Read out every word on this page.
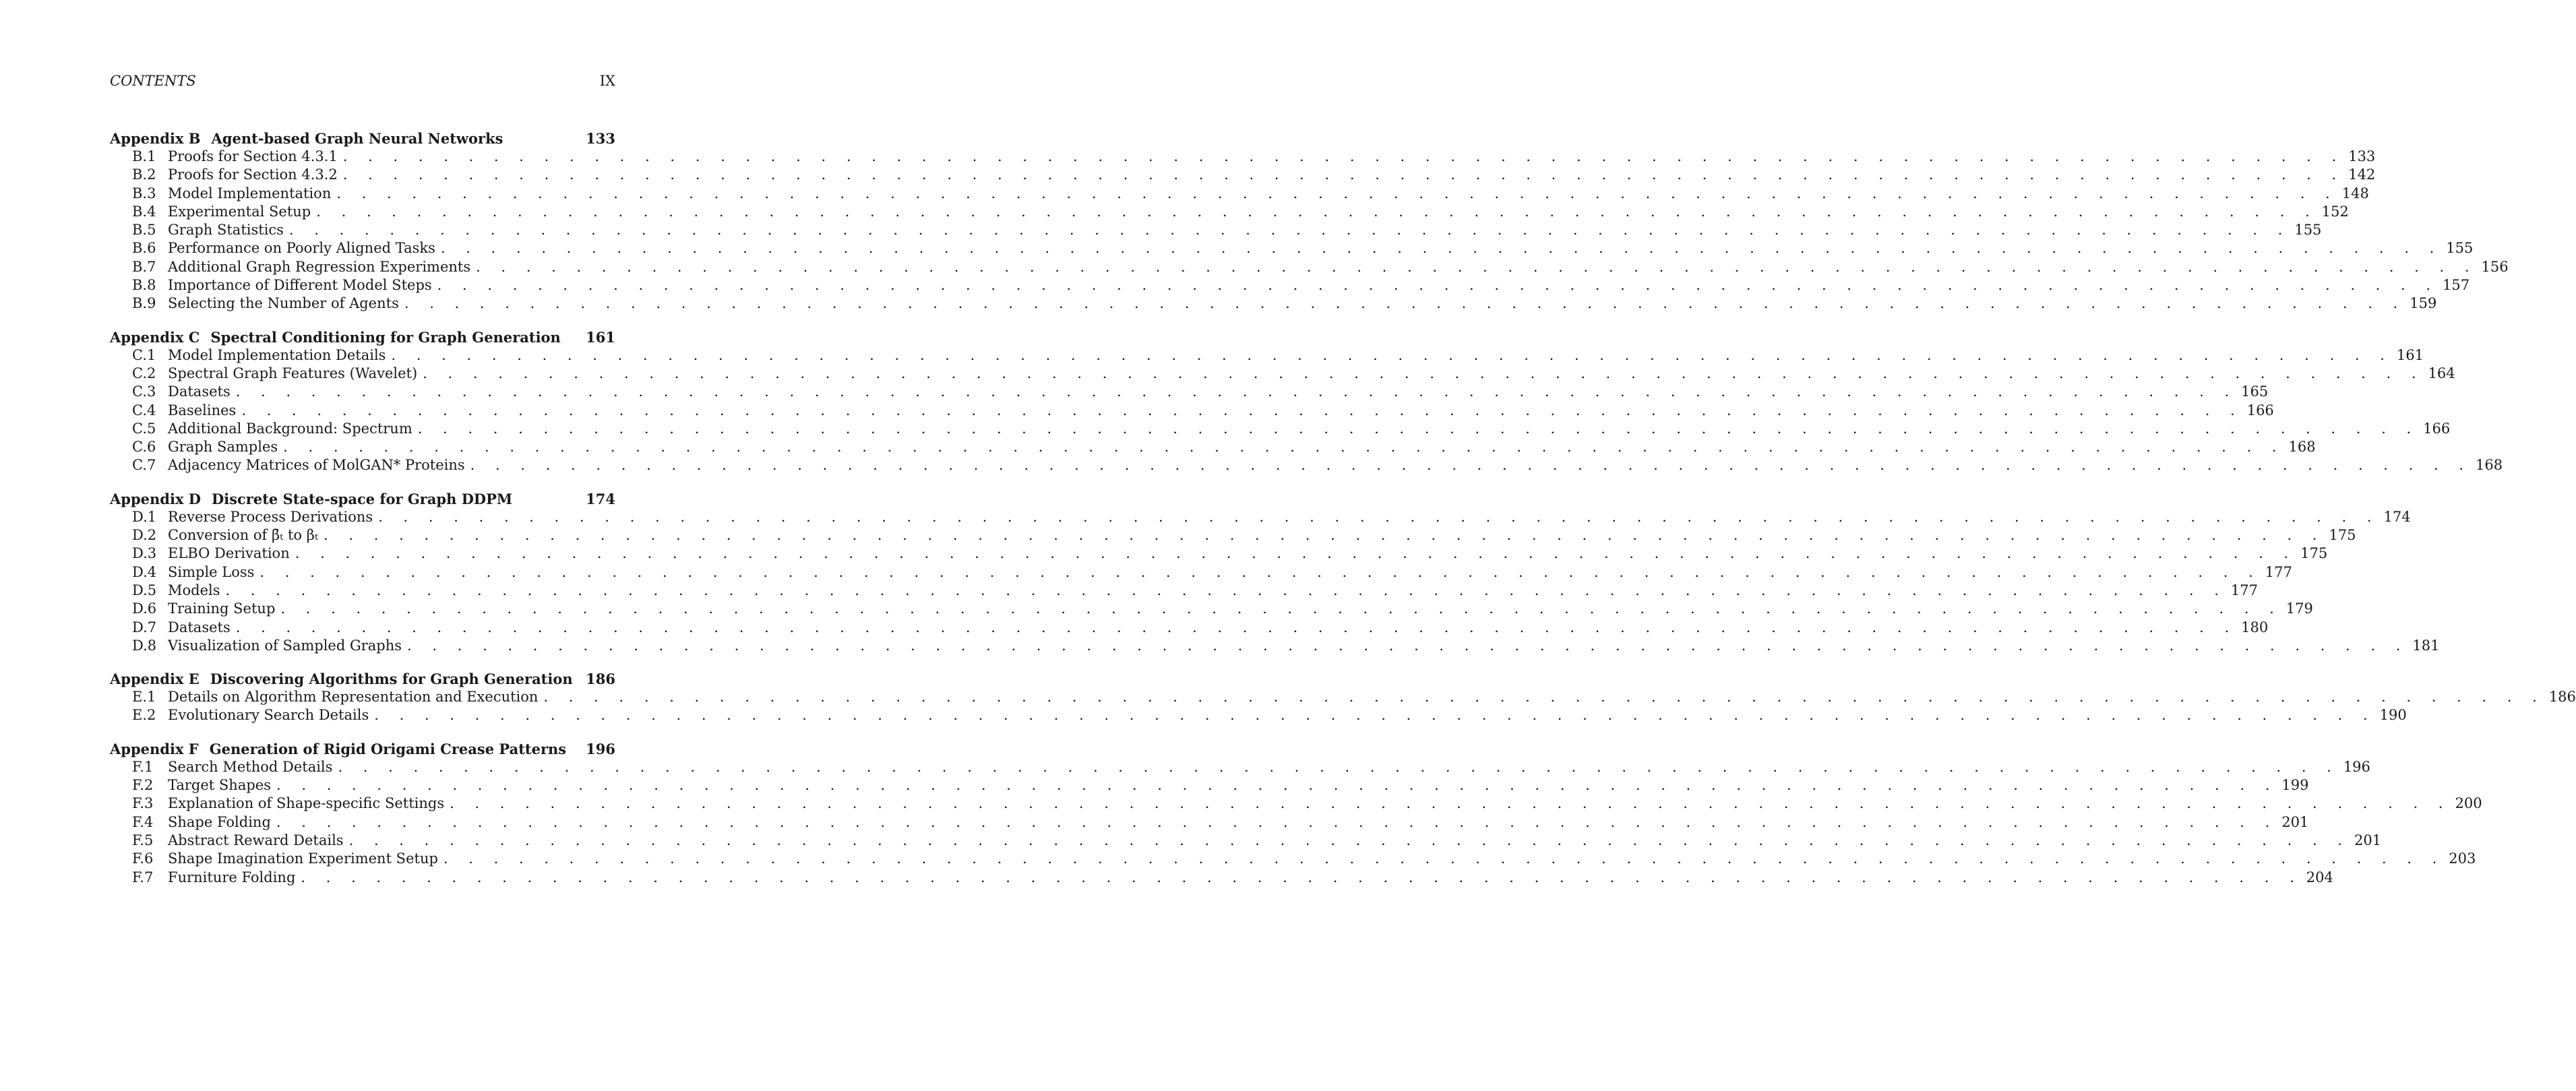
CONTENTS	IX
Appendix B Agent-based Graph Neural Networks	133
B.1 Proofs for Section 4.3.1 . . . . . . . . . . . . . . . . . . . . . . . . . . . . . . . . . . . . . . . . . . . . . . . . . . . . . . . . . . . . . . . . . . . . . . . . . . . . . . . . 133
B.2 Proofs for Section 4.3.2 . . . . . . . . . . . . . . . . . . . . . . . . . . . . . . . . . . . . . . . . . . . . . . . . . . . . . . . . . . . . . . . . . . . . . . . . . . . . . . . . 142
B.3 Model Implementation . . . . . . . . . . . . . . . . . . . . . . . . . . . . . . . . . . . . . . . . . . . . . . . . . . . . . . . . . . . . . . . . . . . . . . . . . . . . . . . . 148
B.4 Experimental Setup . . . . . . . . . . . . . . . . . . . . . . . . . . . . . . . . . . . . . . . . . . . . . . . . . . . . . . . . . . . . . . . . . . . . . . . . . . . . . . . . 152
B.5 Graph Statistics . . . . . . . . . . . . . . . . . . . . . . . . . . . . . . . . . . . . . . . . . . . . . . . . . . . . . . . . . . . . . . . . . . . . . . . . . . . . . . . . 155
B.6 Performance on Poorly Aligned Tasks . . . . . . . . . . . . . . . . . . . . . . . . . . . . . . . . . . . . . . . . . . . . . . . . . . . . . . . . . . . . . . . . . . . . . . . . . . . . . . . . 155
B.7 Additional Graph Regression Experiments . . . . . . . . . . . . . . . . . . . . . . . . . . . . . . . . . . . . . . . . . . . . . . . . . . . . . . . . . . . . . . . . . . . . . . . . . . . . . . . . 156
B.8 Importance of Different Model Steps . . . . . . . . . . . . . . . . . . . . . . . . . . . . . . . . . . . . . . . . . . . . . . . . . . . . . . . . . . . . . . . . . . . . . . . . . . . . . . . . 157
B.9 Selecting the Number of Agents . . . . . . . . . . . . . . . . . . . . . . . . . . . . . . . . . . . . . . . . . . . . . . . . . . . . . . . . . . . . . . . . . . . . . . . . . . . . . . . . 159
Appendix C Spectral Conditioning for Graph Generation 161
C.1 Model Implementation Details . . . . . . . . . . . . . . . . . . . . . . . . . . . . . . . . . . . . . . . . . . . . . . . . . . . . . . . . . . . . . . . . . . . . . . . . . . . . . . . . 161
C.2 Spectral Graph Features (Wavelet) . . . . . . . . . . . . . . . . . . . . . . . . . . . . . . . . . . . . . . . . . . . . . . . . . . . . . . . . . . . . . . . . . . . . . . . . . . . . . . . . 164
C.3 Datasets . . . . . . . . . . . . . . . . . . . . . . . . . . . . . . . . . . . . . . . . . . . . . . . . . . . . . . . . . . . . . . . . . . . . . . . . . . . . . . . . 165
C.4 Baselines . . . . . . . . . . . . . . . . . . . . . . . . . . . . . . . . . . . . . . . . . . . . . . . . . . . . . . . . . . . . . . . . . . . . . . . . . . . . . . . . 166
C.5 Additional Background: Spectrum . . . . . . . . . . . . . . . . . . . . . . . . . . . . . . . . . . . . . . . . . . . . . . . . . . . . . . . . . . . . . . . . . . . . . . . . . . . . . . . . 166
C.6 Graph Samples . . . . . . . . . . . . . . . . . . . . . . . . . . . . . . . . . . . . . . . . . . . . . . . . . . . . . . . . . . . . . . . . . . . . . . . . . . . . . . . . 168
C.7 Adjacency Matrices of MolGAN* Proteins . . . . . . . . . . . . . . . . . . . . . . . . . . . . . . . . . . . . . . . . . . . . . . . . . . . . . . . . . . . . . . . . . . . . . . . . . . . . . . . . 168
Appendix D Discrete State-space for Graph DDPM	174
D.1 Reverse Process Derivations . . . . . . . . . . . . . . . . . . . . . . . . . . . . . . . . . . . . . . . . . . . . . . . . . . . . . . . . . . . . . . . . . . . . . . . . . . . . . . . . 174
D.2 Conversion of β̄ₜ to βₜ . . . . . . . . . . . . . . . . . . . . . . . . . . . . . . . . . . . . . . . . . . . . . . . . . . . . . . . . . . . . . . . . . . . . . . . . . . . . . . . . 175
D.3 ELBO Derivation . . . . . . . . . . . . . . . . . . . . . . . . . . . . . . . . . . . . . . . . . . . . . . . . . . . . . . . . . . . . . . . . . . . . . . . . . . . . . . . . 175
D.4 Simple Loss . . . . . . . . . . . . . . . . . . . . . . . . . . . . . . . . . . . . . . . . . . . . . . . . . . . . . . . . . . . . . . . . . . . . . . . . . . . . . . . . 177
D.5 Models . . . . . . . . . . . . . . . . . . . . . . . . . . . . . . . . . . . . . . . . . . . . . . . . . . . . . . . . . . . . . . . . . . . . . . . . . . . . . . . . 177
D.6 Training Setup . . . . . . . . . . . . . . . . . . . . . . . . . . . . . . . . . . . . . . . . . . . . . . . . . . . . . . . . . . . . . . . . . . . . . . . . . . . . . . . . 179
D.7 Datasets . . . . . . . . . . . . . . . . . . . . . . . . . . . . . . . . . . . . . . . . . . . . . . . . . . . . . . . . . . . . . . . . . . . . . . . . . . . . . . . . 180
D.8 Visualization of Sampled Graphs . . . . . . . . . . . . . . . . . . . . . . . . . . . . . . . . . . . . . . . . . . . . . . . . . . . . . . . . . . . . . . . . . . . . . . . . . . . . . . . . 181
Appendix E Discovering Algorithms for Graph Generation 186
E.1 Details on Algorithm Representation and Execution . . . . . . . . . . . . . . . . . . . . . . . . . . . . . . . . . . . . . . . . . . . . . . . . . . . . . . . . . . . . . . . . . . . . . . . . . . . . . . . . 186
E.2 Evolutionary Search Details . . . . . . . . . . . . . . . . . . . . . . . . . . . . . . . . . . . . . . . . . . . . . . . . . . . . . . . . . . . . . . . . . . . . . . . . . . . . . . . . 190
Appendix F Generation of Rigid Origami Crease Patterns 196
F.1	Search Method Details . . . . . . . . . . . . . . . . . . . . . . . . . . . . . . . . . . . . . . . . . . . . . . . . . . . . . . . . . . . . . . . . . . . . . . . . . . . . . . . . 196
F.2	Target Shapes . . . . . . . . . . . . . . . . . . . . . . . . . . . . . . . . . . . . . . . . . . . . . . . . . . . . . . . . . . . . . . . . . . . . . . . . . . . . . . . . 199
F.3	Explanation of Shape-specific Settings . . . . . . . . . . . . . . . . . . . . . . . . . . . . . . . . . . . . . . . . . . . . . . . . . . . . . . . . . . . . . . . . . . . . . . . . . . . . . . . . 200
F.4	Shape Folding . . . . . . . . . . . . . . . . . . . . . . . . . . . . . . . . . . . . . . . . . . . . . . . . . . . . . . . . . . . . . . . . . . . . . . . . . . . . . . . . 201
F.5	Abstract Reward Details . . . . . . . . . . . . . . . . . . . . . . . . . . . . . . . . . . . . . . . . . . . . . . . . . . . . . . . . . . . . . . . . . . . . . . . . . . . . . . . . 201
F.6	Shape Imagination Experiment Setup . . . . . . . . . . . . . . . . . . . . . . . . . . . . . . . . . . . . . . . . . . . . . . . . . . . . . . . . . . . . . . . . . . . . . . . . . . . . . . . . 203
F.7	Furniture Folding . . . . . . . . . . . . . . . . . . . . . . . . . . . . . . . . . . . . . . . . . . . . . . . . . . . . . . . . . . . . . . . . . . . . . . . . . . . . . . . . 204
